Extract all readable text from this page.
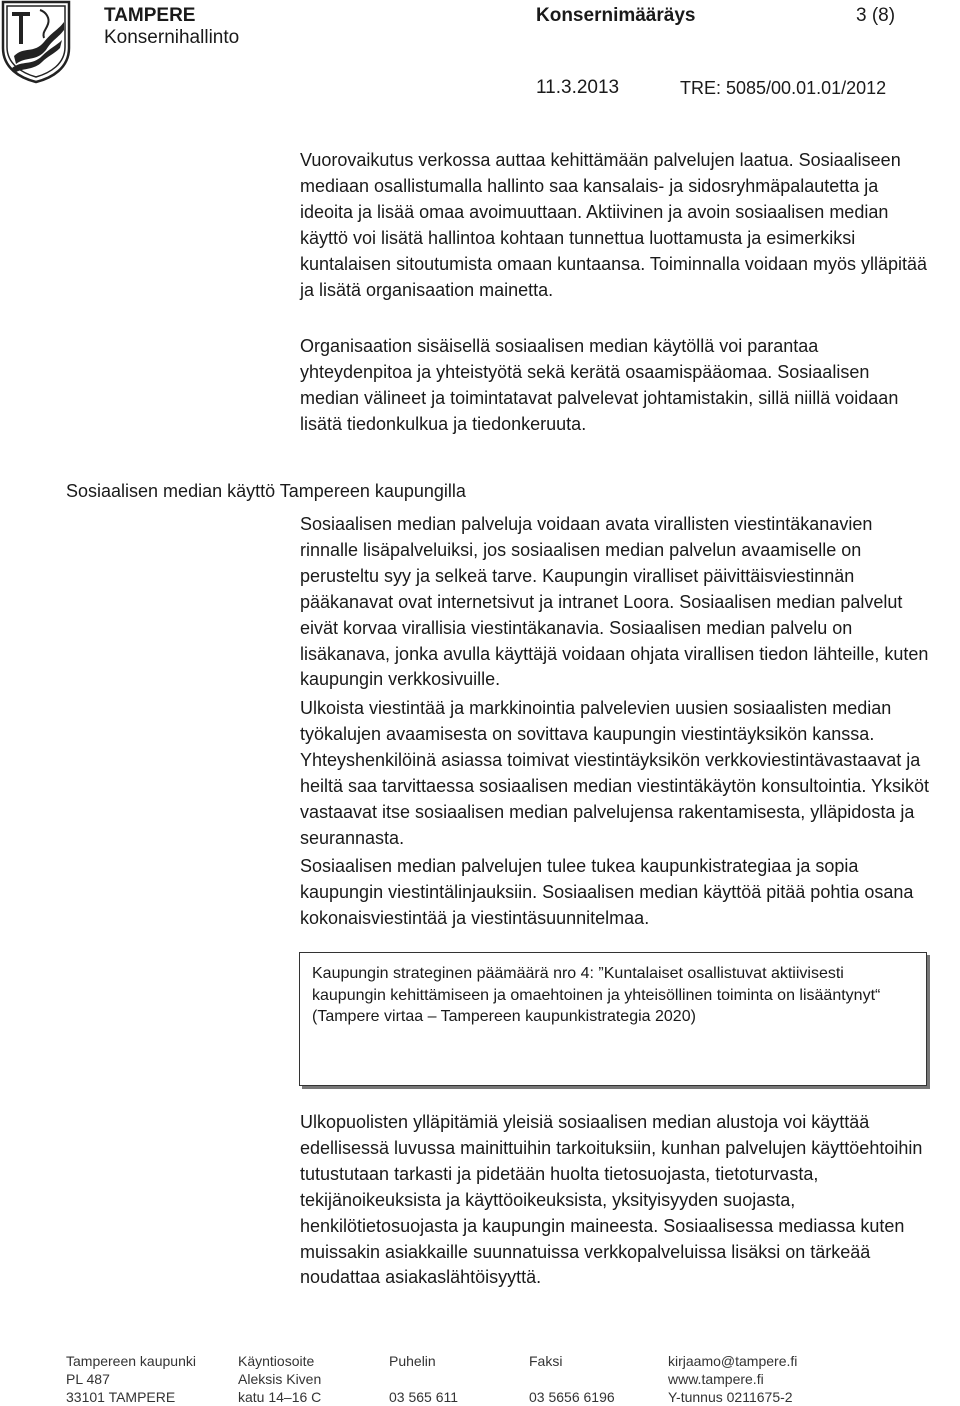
TAMPERE
Konsernihallinto
Konsernimääräys	3 (8)
11.3.2013	TRE: 5085/00.01.01/2012

Vuorovaikutus verkossa auttaa kehittämään palvelujen laatua. Sosiaaliseen mediaan osallistumalla hallinto saa kansalais- ja sidosryhmäpalautetta ja ideoita ja lisää omaa avoimuuttaan. Aktiivinen ja avoin sosiaalisen median käyttö voi lisätä hallintoa kohtaan tunnettua luottamusta ja esimerkiksi kuntalaisen sitoutumista omaan kuntaansa. Toiminnalla voidaan myös ylläpitää ja lisätä organisaation mainetta.

Organisaation sisäisellä sosiaalisen median käytöllä voi parantaa yhteydenpitoa ja yhteistyötä sekä kerätä osaamispääomaa. Sosiaalisen median välineet ja toimintatavat palvelevat johtamistakin, sillä niillä voidaan lisätä tiedonkulkua ja tiedonkeruuta.

Sosiaalisen median käyttö Tampereen kaupungilla

Sosiaalisen median palveluja voidaan avata virallisten viestintäkanavien rinnalle lisäpalveluiksi, jos sosiaalisen median palvelun avaamiselle on perusteltu syy ja selkeä tarve. Kaupungin viralliset päivittäisviestinnän pääkanavat ovat internetsivut ja intranet Loora. Sosiaalisen median palvelut eivät korvaa virallisia viestintäkanavia. Sosiaalisen median palvelu on lisäkanava, jonka avulla käyttäjä voidaan ohjata virallisen tiedon lähteille, kuten kaupungin verkkosivuille.

Ulkoista viestintää ja markkinointia palvelevien uusien sosiaalisten median työkalujen avaamisesta on sovittava kaupungin viestintäyksikön kanssa. Yhteyshenkilöinä asiassa toimivat viestintäyksikön verkkoviestintävastaavat ja heiltä saa tarvittaessa sosiaalisen median viestintäkäytön konsultointia. Yksiköt vastaavat itse sosiaalisen median palvelujensa rakentamisesta, ylläpidosta ja seurannasta.

Sosiaalisen median palvelujen tulee tukea kaupunkistrategiaa ja sopia kaupungin viestintälinjauksiin. Sosiaalisen median käyttöä pitää pohtia osana kokonaisviestintää ja viestintäsuunnitelmaa.

Kaupungin strateginen päämäärä nro 4: ”Kuntalaiset osallistuvat aktiivisesti kaupungin kehittämiseen ja omaehtoinen ja yhteisöllinen toiminta on lisääntynyt“

(Tampere virtaa – Tampereen kaupunkistrategia 2020)

Ulkopuolisten ylläpitämiä yleisiä sosiaalisen median alustoja voi käyttää edellisessä luvussa mainittuihin tarkoituksiin, kunhan palvelujen käyttöehtoihin tutustutaan tarkasti ja pidetään huolta tietosuojasta, tietoturvasta, tekijänoikeuksista ja käyttöoikeuksista, yksityisyyden suojasta, henkilötietosuojasta ja kaupungin maineesta. Sosiaalisessa mediassa kuten muissakin asiakkaille suunnatuissa verkkopalveluissa lisäksi on tärkeää noudattaa asiakaslähtöisyyttä.

Tampereen kaupunki
PL 487
33101 TAMPERE
Käyntiosoite
Aleksis Kiven
katu 14–16 C
Puhelin

03 565 611
Faksi

03 5656 6196
kirjaamo@tampere.fi
www.tampere.fi
Y-tunnus 0211675-2
